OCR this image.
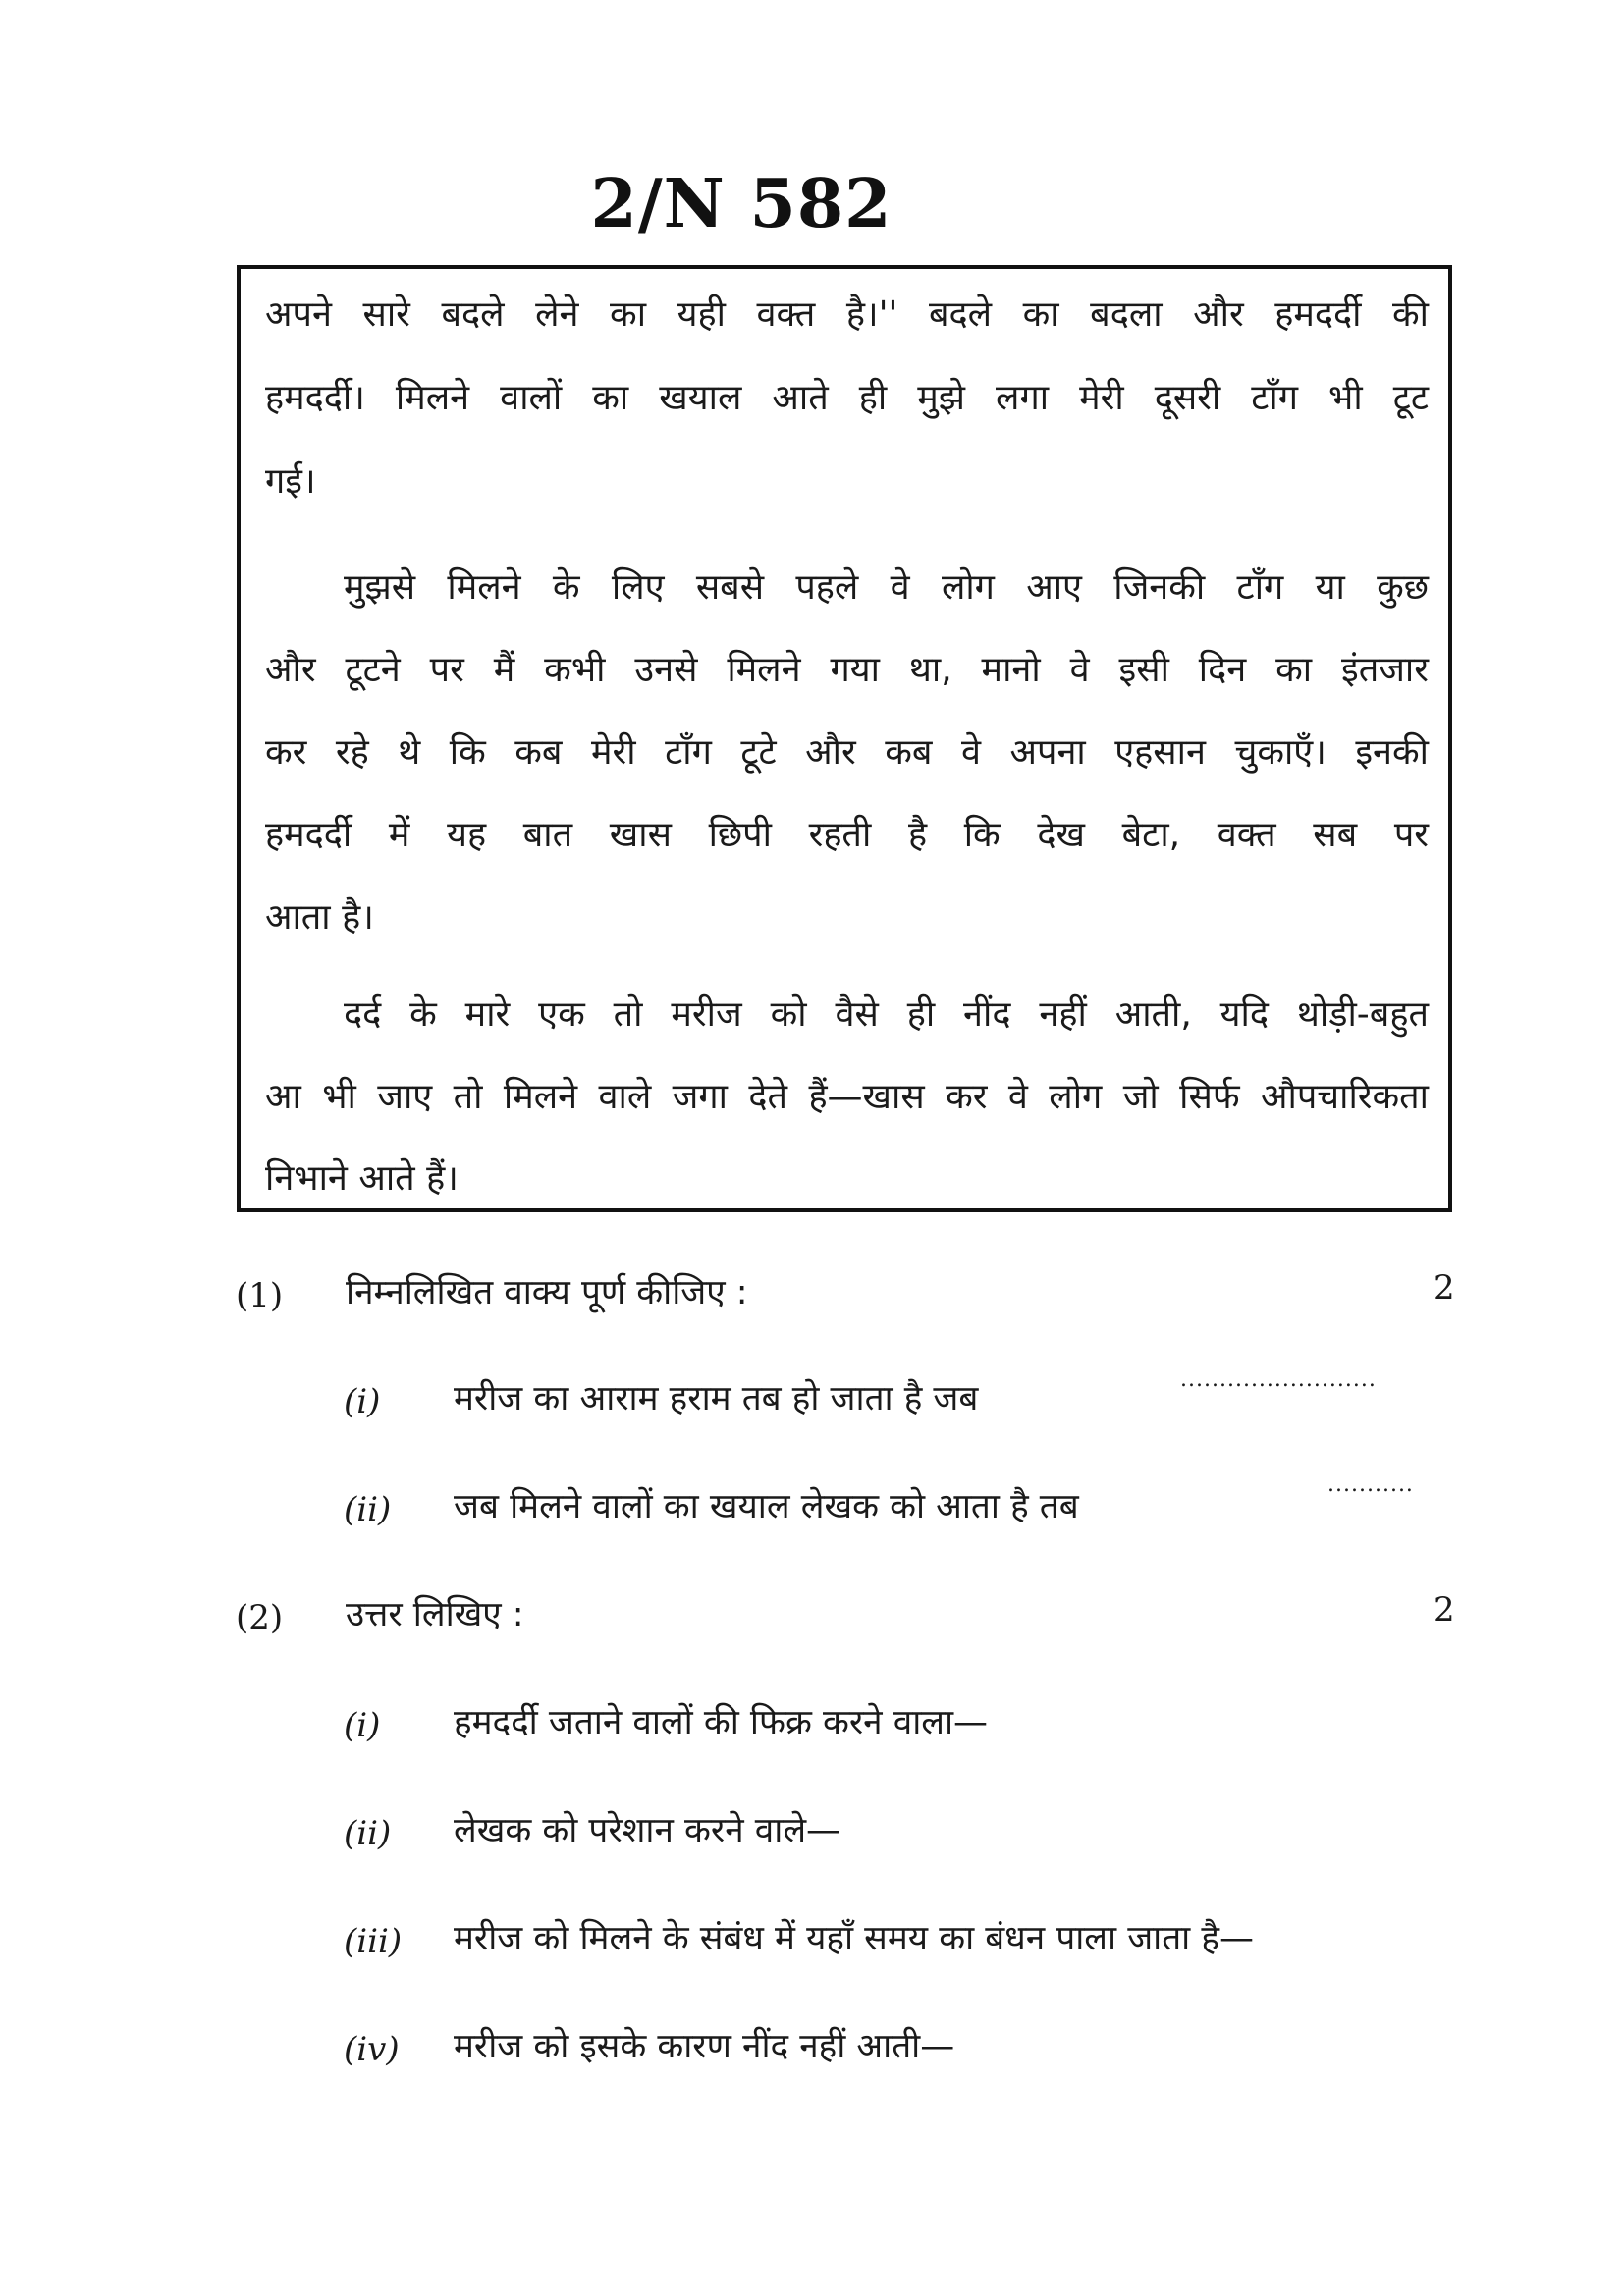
2/N 582
अपने सारे बदले लेने का यही वक्त है।'' बदले का बदला और हमदर्दी की
हमदर्दी। मिलने वालों का खयाल आते ही मुझे लगा मेरी दूसरी टाँग भी टूट
गई।
मुझसे मिलने के लिए सबसे पहले वे लोग आए जिनकी टाँग या कुछ
और टूटने पर मैं कभी उनसे मिलने गया था, मानो वे इसी दिन का इंतजार
कर रहे थे कि कब मेरी टाँग टूटे और कब वे अपना एहसान चुकाएँ। इनकी
हमदर्दी में यह बात खास छिपी रहती है कि देख बेटा, वक्त सब पर
आता है।
दर्द के मारे एक तो मरीज को वैसे ही नींद नहीं आती, यदि थोड़ी-बहुत
आ भी जाए तो मिलने वाले जगा देते हैं—खास कर वे लोग जो सिर्फ औपचारिकता
निभाने आते हैं।
(1) निम्नलिखित वाक्य पूर्ण कीजिए :	2
(i) मरीज का आराम हराम तब हो जाता है जब	.........................
(ii) जब मिलने वालों का खयाल लेखक को आता है तब
...........
(2) उत्तर लिखिए :	2
(i) हमदर्दी जताने वालों की फिक्र करने वाला—
(ii) लेखक को परेशान करने वाले—
(iii) मरीज को मिलने के संबंध में यहाँ समय का बंधन पाला जाता है—
(iv) मरीज को इसके कारण नींद नहीं आती—
